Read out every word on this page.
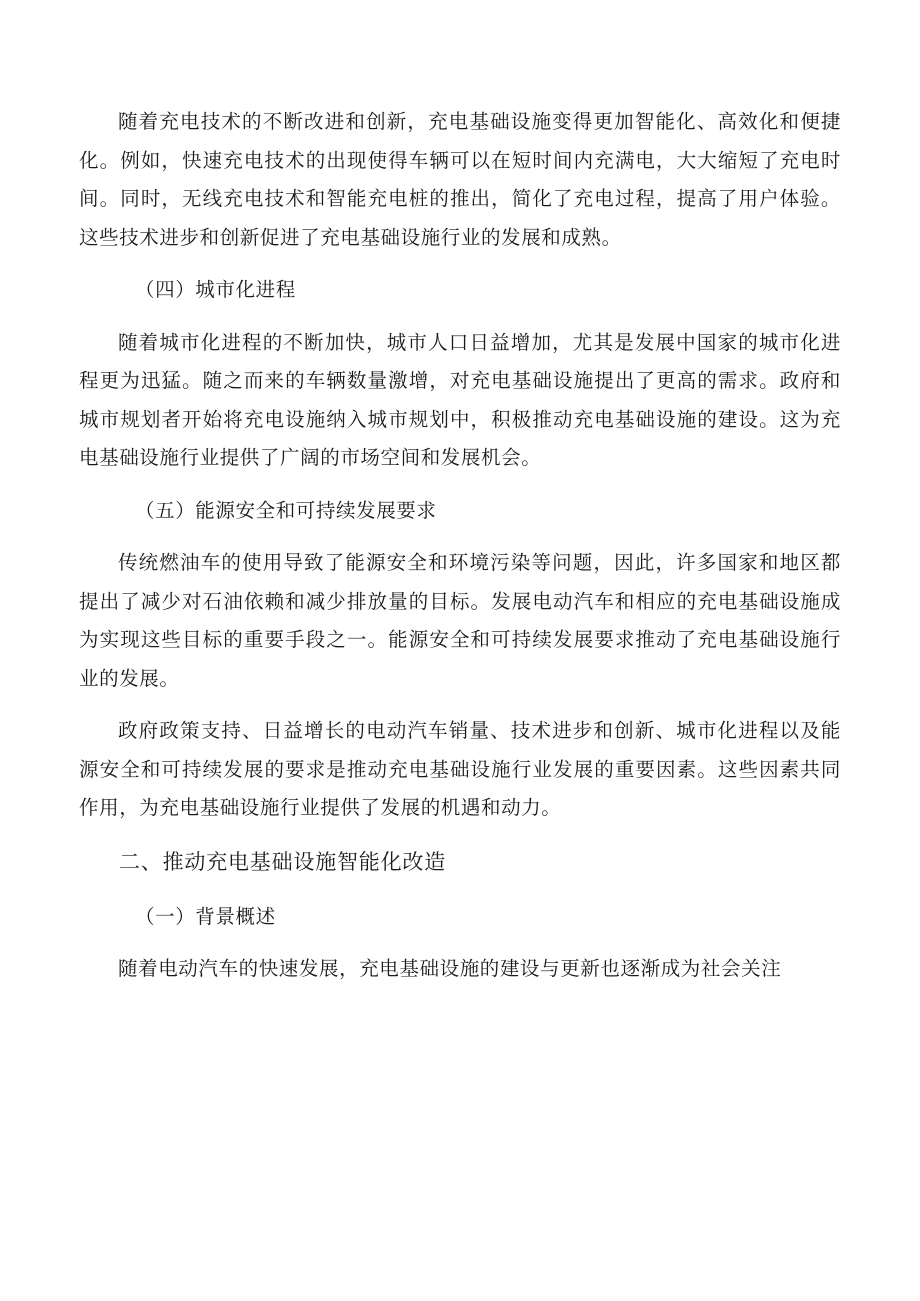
随着充电技术的不断改进和创新，充电基础设施变得更加智能化、高效化和便捷化。例如，快速充电技术的出现使得车辆可以在短时间内充满电，大大缩短了充电时间。同时，无线充电技术和智能充电桩的推出，简化了充电过程，提高了用户体验。这些技术进步和创新促进了充电基础设施行业的发展和成熟。

（四）城市化进程

随着城市化进程的不断加快，城市人口日益增加，尤其是发展中国家的城市化进程更为迅猛。随之而来的车辆数量激增，对充电基础设施提出了更高的需求。政府和城市规划者开始将充电设施纳入城市规划中，积极推动充电基础设施的建设。这为充电基础设施行业提供了广阔的市场空间和发展机会。

（五）能源安全和可持续发展要求

传统燃油车的使用导致了能源安全和环境污染等问题，因此，许多国家和地区都提出了减少对石油依赖和减少排放量的目标。发展电动汽车和相应的充电基础设施成为实现这些目标的重要手段之一。能源安全和可持续发展要求推动了充电基础设施行业的发展。

政府政策支持、日益增长的电动汽车销量、技术进步和创新、城市化进程以及能源安全和可持续发展的要求是推动充电基础设施行业发展的重要因素。这些因素共同作用，为充电基础设施行业提供了发展的机遇和动力。

二、推动充电基础设施智能化改造
（一）背景概述

随着电动汽车的快速发展，充电基础设施的建设与更新也逐渐成为社会关注
